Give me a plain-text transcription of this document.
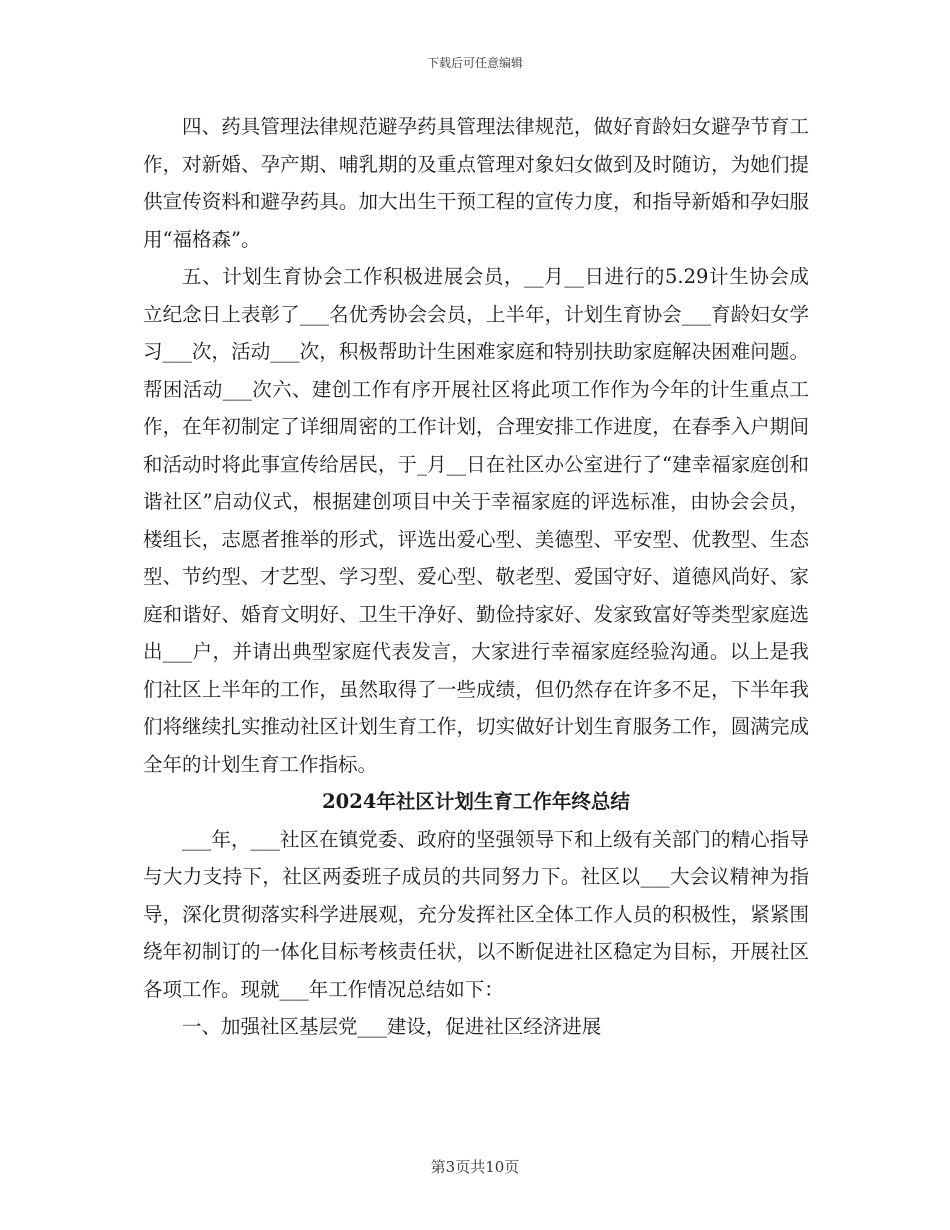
下载后可任意编辑

四、药具管理法律规范避孕药具管理法律规范，做好育龄妇女避孕节育工作，对新婚、孕产期、哺乳期的及重点管理对象妇女做到及时随访，为她们提供宣传资料和避孕药具。加大出生干预工程的宣传力度，和指导新婚和孕妇服用“福格森”。

五、计划生育协会工作积极进展会员，__月__日进行的5.29计生协会成立纪念日上表彰了___名优秀协会会员，上半年，计划生育协会___育龄妇女学习___次，活动___次，积极帮助计生困难家庭和特别扶助家庭解决困难问题。帮困活动___次六、建创工作有序开展社区将此项工作作为今年的计生重点工作，在年初制定了详细周密的工作计划，合理安排工作进度，在春季入户期间和活动时将此事宣传给居民，于_月__日在社区办公室进行了“建幸福家庭创和谐社区”启动仪式，根据建创项目中关于幸福家庭的评选标准，由协会会员，楼组长，志愿者推举的形式，评选出爱心型、美德型、平安型、优教型、生态型、节约型、才艺型、学习型、爱心型、敬老型、爱国守好、道德风尚好、家庭和谐好、婚育文明好、卫生干净好、勤俭持家好、发家致富好等类型家庭选出___户，并请出典型家庭代表发言，大家进行幸福家庭经验沟通。以上是我们社区上半年的工作，虽然取得了一些成绩，但仍然存在许多不足，下半年我们将继续扎实推动社区计划生育工作，切实做好计划生育服务工作，圆满完成全年的计划生育工作指标。

2024年社区计划生育工作年终总结

___年，___社区在镇党委、政府的坚强领导下和上级有关部门的精心指导与大力支持下，社区两委班子成员的共同努力下。社区以___大会议精神为指导，深化贯彻落实科学进展观，充分发挥社区全体工作人员的积极性，紧紧围绕年初制订的一体化目标考核责任状，以不断促进社区稳定为目标，开展社区各项工作。现就___年工作情况总结如下：

一、加强社区基层党___建设，促进社区经济进展

第3页共10页
